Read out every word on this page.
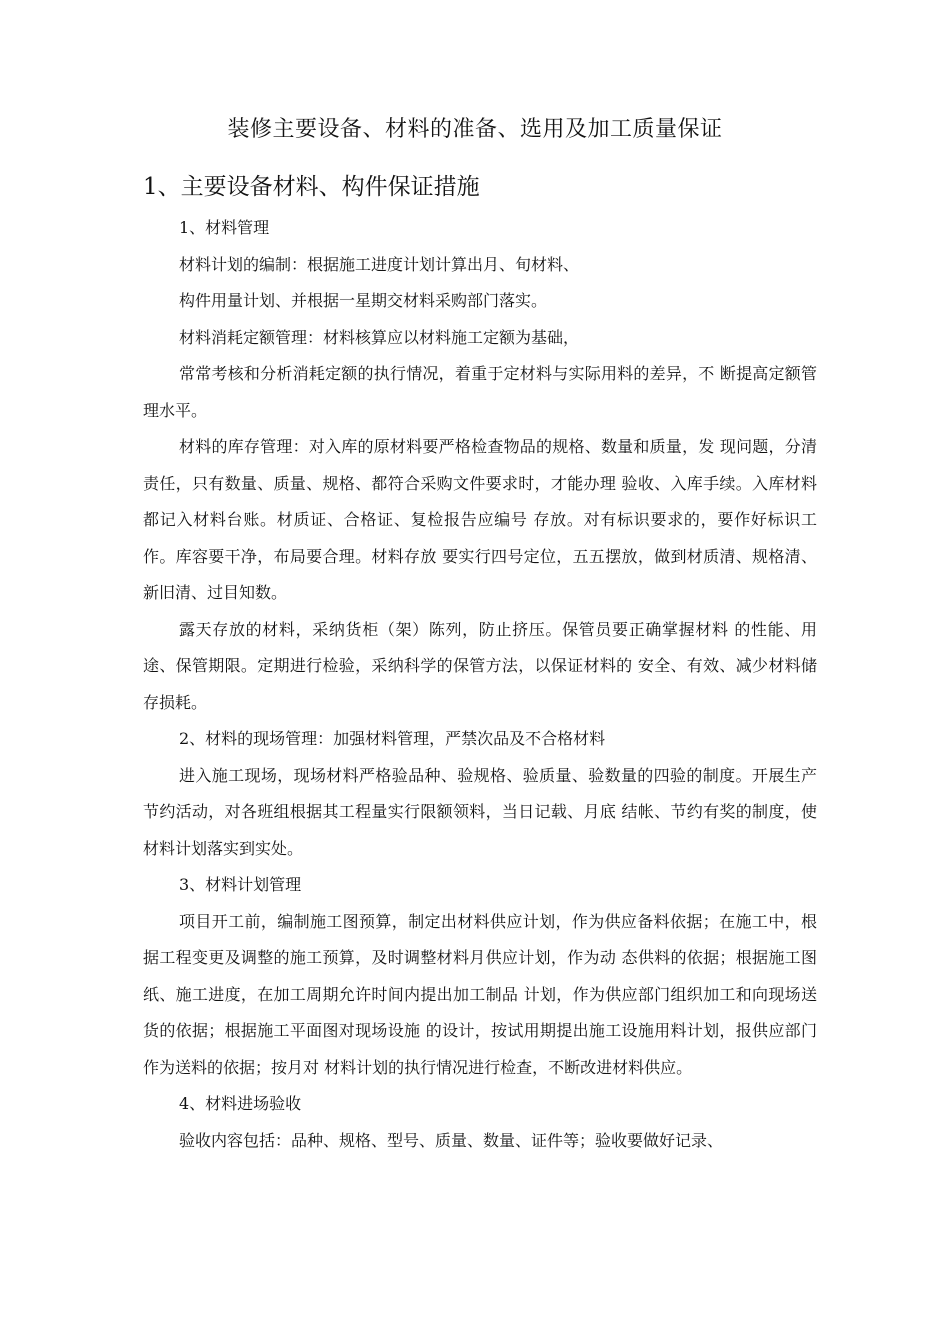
装修主要设备、材料的准备、选用及加工质量保证
1、主要设备材料、构件保证措施

1、材料管理

材料计划的编制：根据施工进度计划计算出月、旬材料、

构件用量计划、并根据一星期交材料采购部门落实。

材料消耗定额管理：材料核算应以材料施工定额为基础，

常常考核和分析消耗定额的执行情况，着重于定材料与实际用料的差异，不 断提高定额管理水平。

材料的库存管理：对入库的原材料要严格检查物品的规格、数量和质量，发 现问题，分清责任，只有数量、质量、规格、都符合采购文件要求时，才能办理 验收、入库手续。入库材料都记入材料台账。材质证、合格证、复检报告应编号 存放。对有标识要求的，要作好标识工作。库容要干净，布局要合理。材料存放 要实行四号定位，五五摆放，做到材质清、规格清、新旧清、过目知数。

露天存放的材料，采纳货柜（架）陈列，防止挤压。保管员要正确掌握材料 的性能、用途、保管期限。定期进行检验，采纳科学的保管方法，以保证材料的 安全、有效、减少材料储存损耗。

2、材料的现场管理：加强材料管理，严禁次品及不合格材料

进入施工现场，现场材料严格验品种、验规格、验质量、验数量的四验的制度。开展生产节约活动，对各班组根据其工程量实行限额领料，当日记载、月底 结帐、节约有奖的制度，使材料计划落实到实处。

3、材料计划管理

项目开工前，编制施工图预算，制定出材料供应计划，作为供应备料依据；在施工中，根据工程变更及调整的施工预算，及时调整材料月供应计划，作为动 态供料的依据；根据施工图纸、施工进度，在加工周期允许时间内提出加工制品 计划，作为供应部门组织加工和向现场送货的依据；根据施工平面图对现场设施 的设计，按试用期提出施工设施用料计划，报供应部门作为送料的依据；按月对 材料计划的执行情况进行检查，不断改进材料供应。

4、材料进场验收

验收内容包括：品种、规格、型号、质量、数量、证件等；验收要做好记录、
